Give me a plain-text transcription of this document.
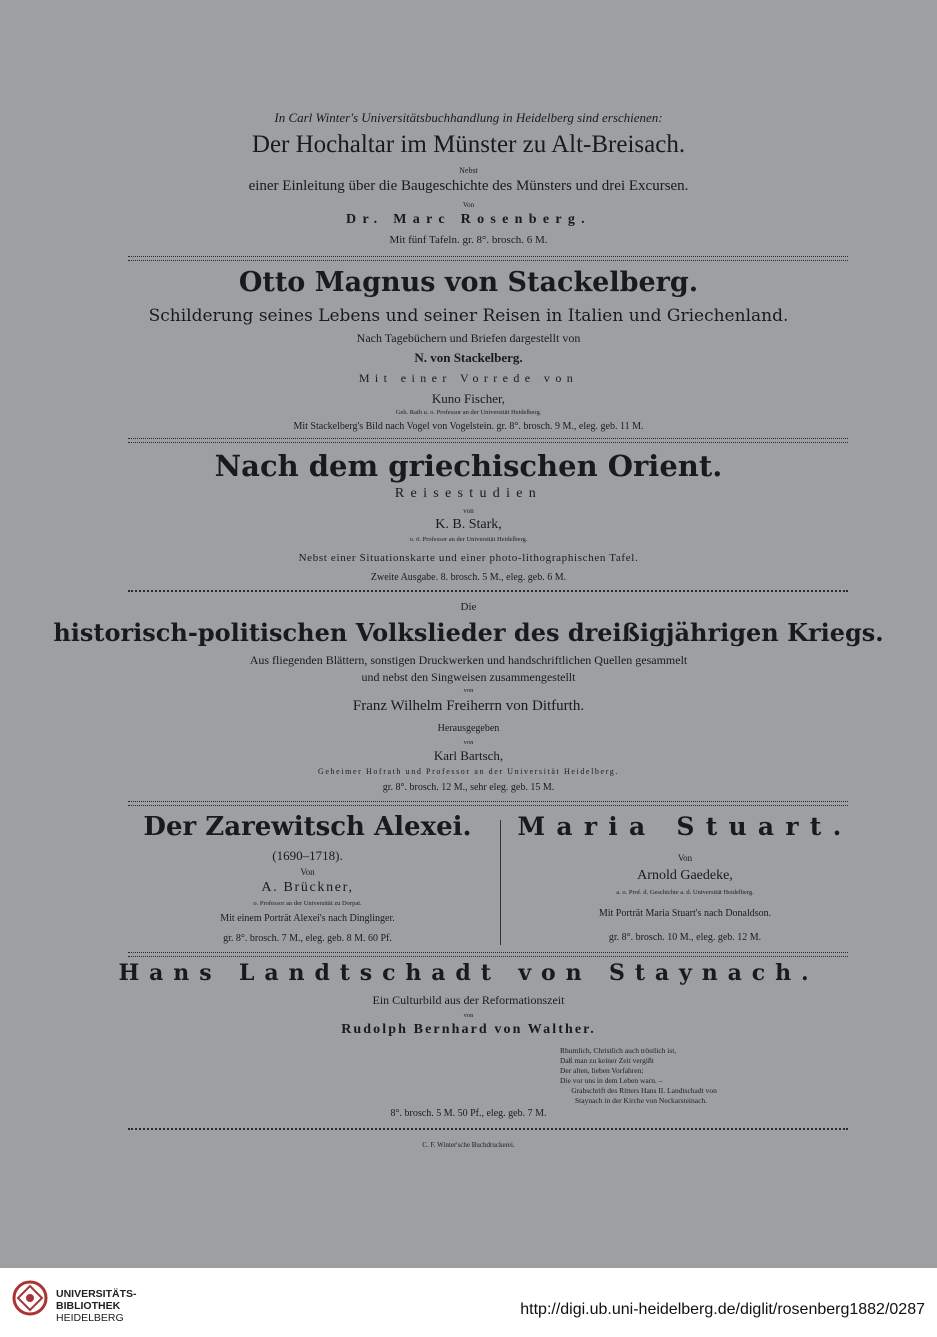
In Carl Winter's Universitätsbuchhandlung in Heidelberg sind erschienen:
Der Hochaltar im Münster zu Alt-Breisach.
Nebst
einer Einleitung über die Baugeschichte des Münsters und drei Excursen.
Von
Dr. Marc Rosenberg.
Mit fünf Tafeln. gr. 8°. brosch. 6 M.
Otto Magnus von Stackelberg.
Schilderung seines Lebens und seiner Reisen in Italien und Griechenland.
Nach Tagebüchern und Briefen dargestellt von
N. von Stackelberg.
Mit einer Vorrede von
Kuno Fischer,
Geh. Rath u. o. Professor an der Universität Heidelberg.
Mit Stackelberg's Bild nach Vogel von Vogelstein. gr. 8°. brosch. 9 M., eleg. geb. 11 M.
Nach dem griechischen Orient.
Reisestudien
von
K. B. Stark,
o. ö. Professor an der Universität Heidelberg.
Nebst einer Situationskarte und einer photo-lithographischen Tafel.
Zweite Ausgabe. 8. brosch. 5 M., eleg. geb. 6 M.
Die
historisch-politischen Volkslieder des dreißigjährigen Kriegs.
Aus fliegenden Blättern, sonstigen Druckwerken und handschriftlichen Quellen gesammelt
und nebst den Singweisen zusammengestellt
von
Franz Wilhelm Freiherrn von Ditfurth.
Herausgegeben
von
Karl Bartsch,
Geheimer Hofrath und Professor an der Universität Heidelberg.
gr. 8°. brosch. 12 M., sehr eleg. geb. 15 M.
Der Zarewitsch Alexei.
(1690–1718).
Von
A. Brückner,
o. Professor an der Universität zu Dorpat.
Mit einem Porträt Alexei's nach Dinglinger.
gr. 8°. brosch. 7 M., eleg. geb. 8 M. 60 Pf.
Maria Stuart.
Von
Arnold Gaedeke,
a. o. Prof. d. Geschichte a. d. Universität Heidelberg.
Mit Porträt Maria Stuart's nach Donaldson.
gr. 8°. brosch. 10 M., eleg. geb. 12 M.
Hans Landtschadt von Staynach.
Ein Culturbild aus der Reformationszeit
von
Rudolph Bernhard von Walther.
Rhumlich, Christlich auch tröstlich ist,
Daß man zu keiner Zeit vergißt
Der alten, lieben Vorfahren;
Die vor uns in dem Leben warn. –
Grabschrift des Ritters Hans II. Landtschadt von
Staynach in der Kirche von Neckarsteinach.
8°. brosch. 5 M. 50 Pf., eleg. geb. 7 M.
C. F. Winter'sche Buchdruckerei.
UNIVERSITÄTS-
BIBLIOTHEK
HEIDELBERG	http://digi.ub.uni-heidelberg.de/diglit/rosenberg1882/0287
